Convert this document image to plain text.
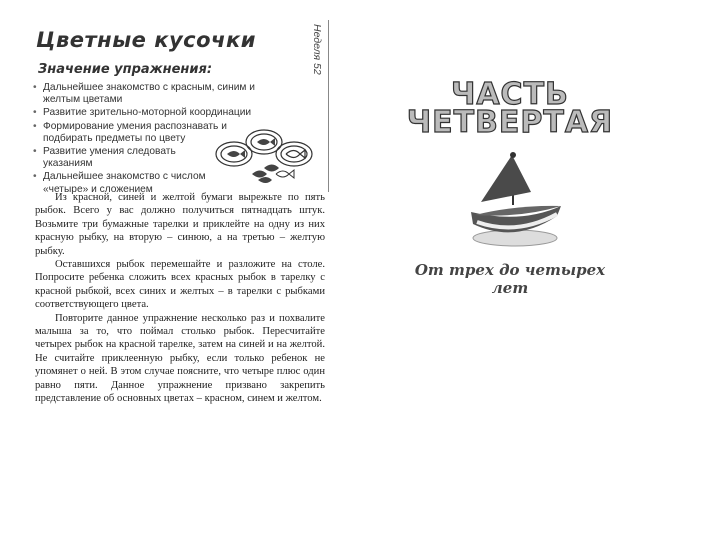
Цветные кусочки	Неделя 52
Значение упражнения:
• Дальнейшее знакомство с красным, синим и желтым цветами
• Развитие зрительно-моторной координации
• Формирование умения распознавать и подбирать предметы по цвету
• Развитие умения следовать указаниям
• Дальнейшее знакомство с числом «четыре» и сложением

Из красной, синей и желтой бумаги вырежьте по пять рыбок. Всего у вас должно получиться пятнадцать штук. Возьмите три бумажные тарелки и приклейте на одну из них красную рыбку, на вторую – синюю, а на третью – желтую рыбку.

Оставшихся рыбок перемешайте и разложите на столе. Попросите ребенка сложить всех красных рыбок в тарелку с красной рыбкой, всех синих и желтых – в тарелки с рыбками соответствующего цвета.

Повторите данное упражнение несколько раз и похвалите малыша за то, что поймал столько рыбок. Пересчитайте четырех рыбок на красной тарелке, затем на синей и на желтой. Не считайте приклеенную рыбку, если только ребенок не упомянет о ней. В этом случае поясните, что четыре плюс один равно пяти. Данное упражнение призвано закрепить представление об основных цветах – красном, синем и желтом.

ЧАСТЬ
ЧЕТВЕРТАЯ
От трех до четырех лет
